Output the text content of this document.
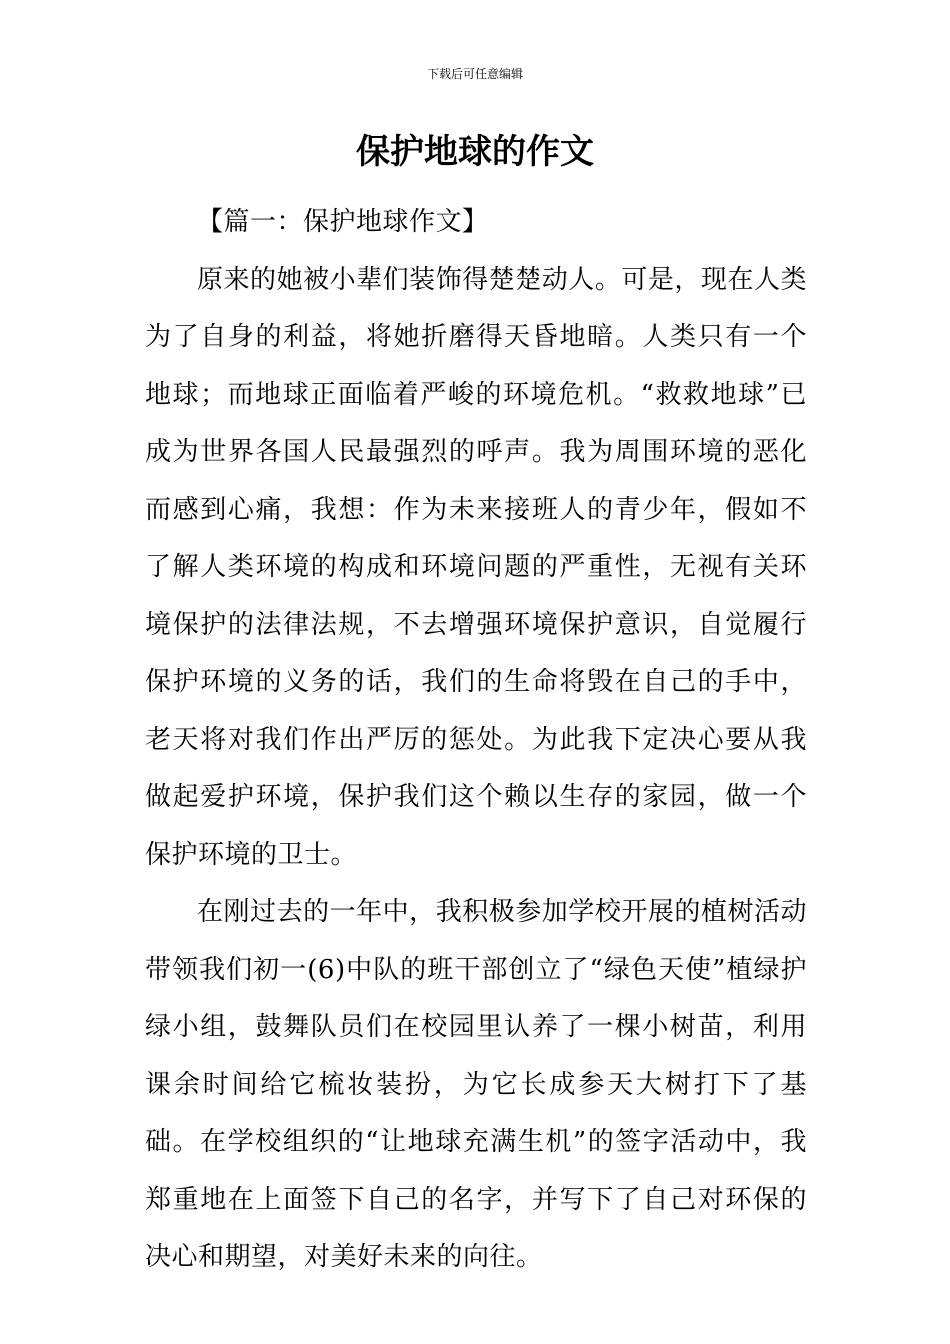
下载后可任意编辑
保护地球的作文

【篇一：保护地球作文】

原来的她被小辈们装饰得楚楚动人。可是，现在人类为了自身的利益，将她折磨得天昏地暗。人类只有一个地球；而地球正面临着严峻的环境危机。“救救地球”已成为世界各国人民最强烈的呼声。我为周围环境的恶化而感到心痛，我想：作为未来接班人的青少年，假如不了解人类环境的构成和环境问题的严重性，无视有关环境保护的法律法规，不去增强环境保护意识，自觉履行保护环境的义务的话，我们的生命将毁在自己的手中，老天将对我们作出严厉的惩处。为此我下定决心要从我做起爱护环境，保护我们这个赖以生存的家园，做一个保护环境的卫士。

在刚过去的一年中，我积极参加学校开展的植树活动带领我们初一(6)中队的班干部创立了“绿色天使”植绿护绿小组，鼓舞队员们在校园里认养了一棵小树苗，利用课余时间给它梳妆装扮，为它长成参天大树打下了基础。在学校组织的“让地球充满生机”的签字活动中，我郑重地在上面签下自己的名字，并写下了自己对环保的决心和期望，对美好未来的向往。
